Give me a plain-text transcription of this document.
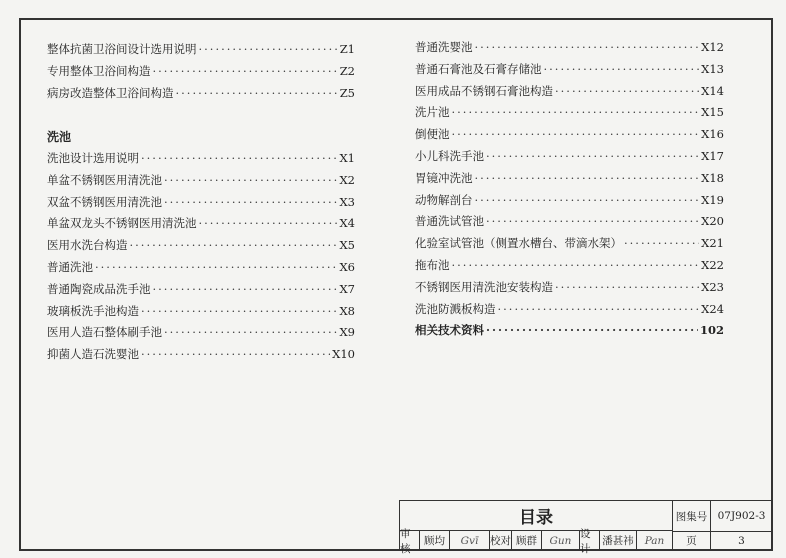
整体抗菌卫浴间设计选用说明 ·····	Z1
专用整体卫浴间构造 ·····	Z2
病房改造整体卫浴间构造 ·····	Z5
洗池设计选用说明 ·····	X1
单盆不锈钢医用清洗池 ·····	X2
双盆不锈钢医用清洗池 ·····	X3
单盆双龙头不锈钢医用清洗池 ·····	X4
医用水洗台构造 ·····	X5
普通洗池 ·····	X6
普通陶瓷成品洗手池 ·····	X7
玻璃板洗手池构造 ·····	X8
医用人造石整体刷手池 ·····	X9
抑菌人造石洗婴池 ·····	X10
洗池
普通洗婴池 ·····	X12
普通石膏池及石膏存储池 ·····	X13
医用成品不锈钢石膏池构造 ·····	X14
洗片池 ·····	X15
倒便池 ·····	X16
小儿科洗手池 ·····	X17
胃镜冲洗池 ·····	X18
动物解剖台 ·····	X19
普通洗试管池 ·····	X20
化验室试管池（侧置水槽台、带滴水架） ·····	X21
拖布池 ·····	X22
不锈钢医用清洗池安装构造 ·····	X23
洗池防溅板构造 ·····	X24
相关技术资料 ·····	102
目录	图集号 07J902-3
页	3
审核
顾均	Gvī	校对 顾群	Gun
设计
潘甚祎	Pan
